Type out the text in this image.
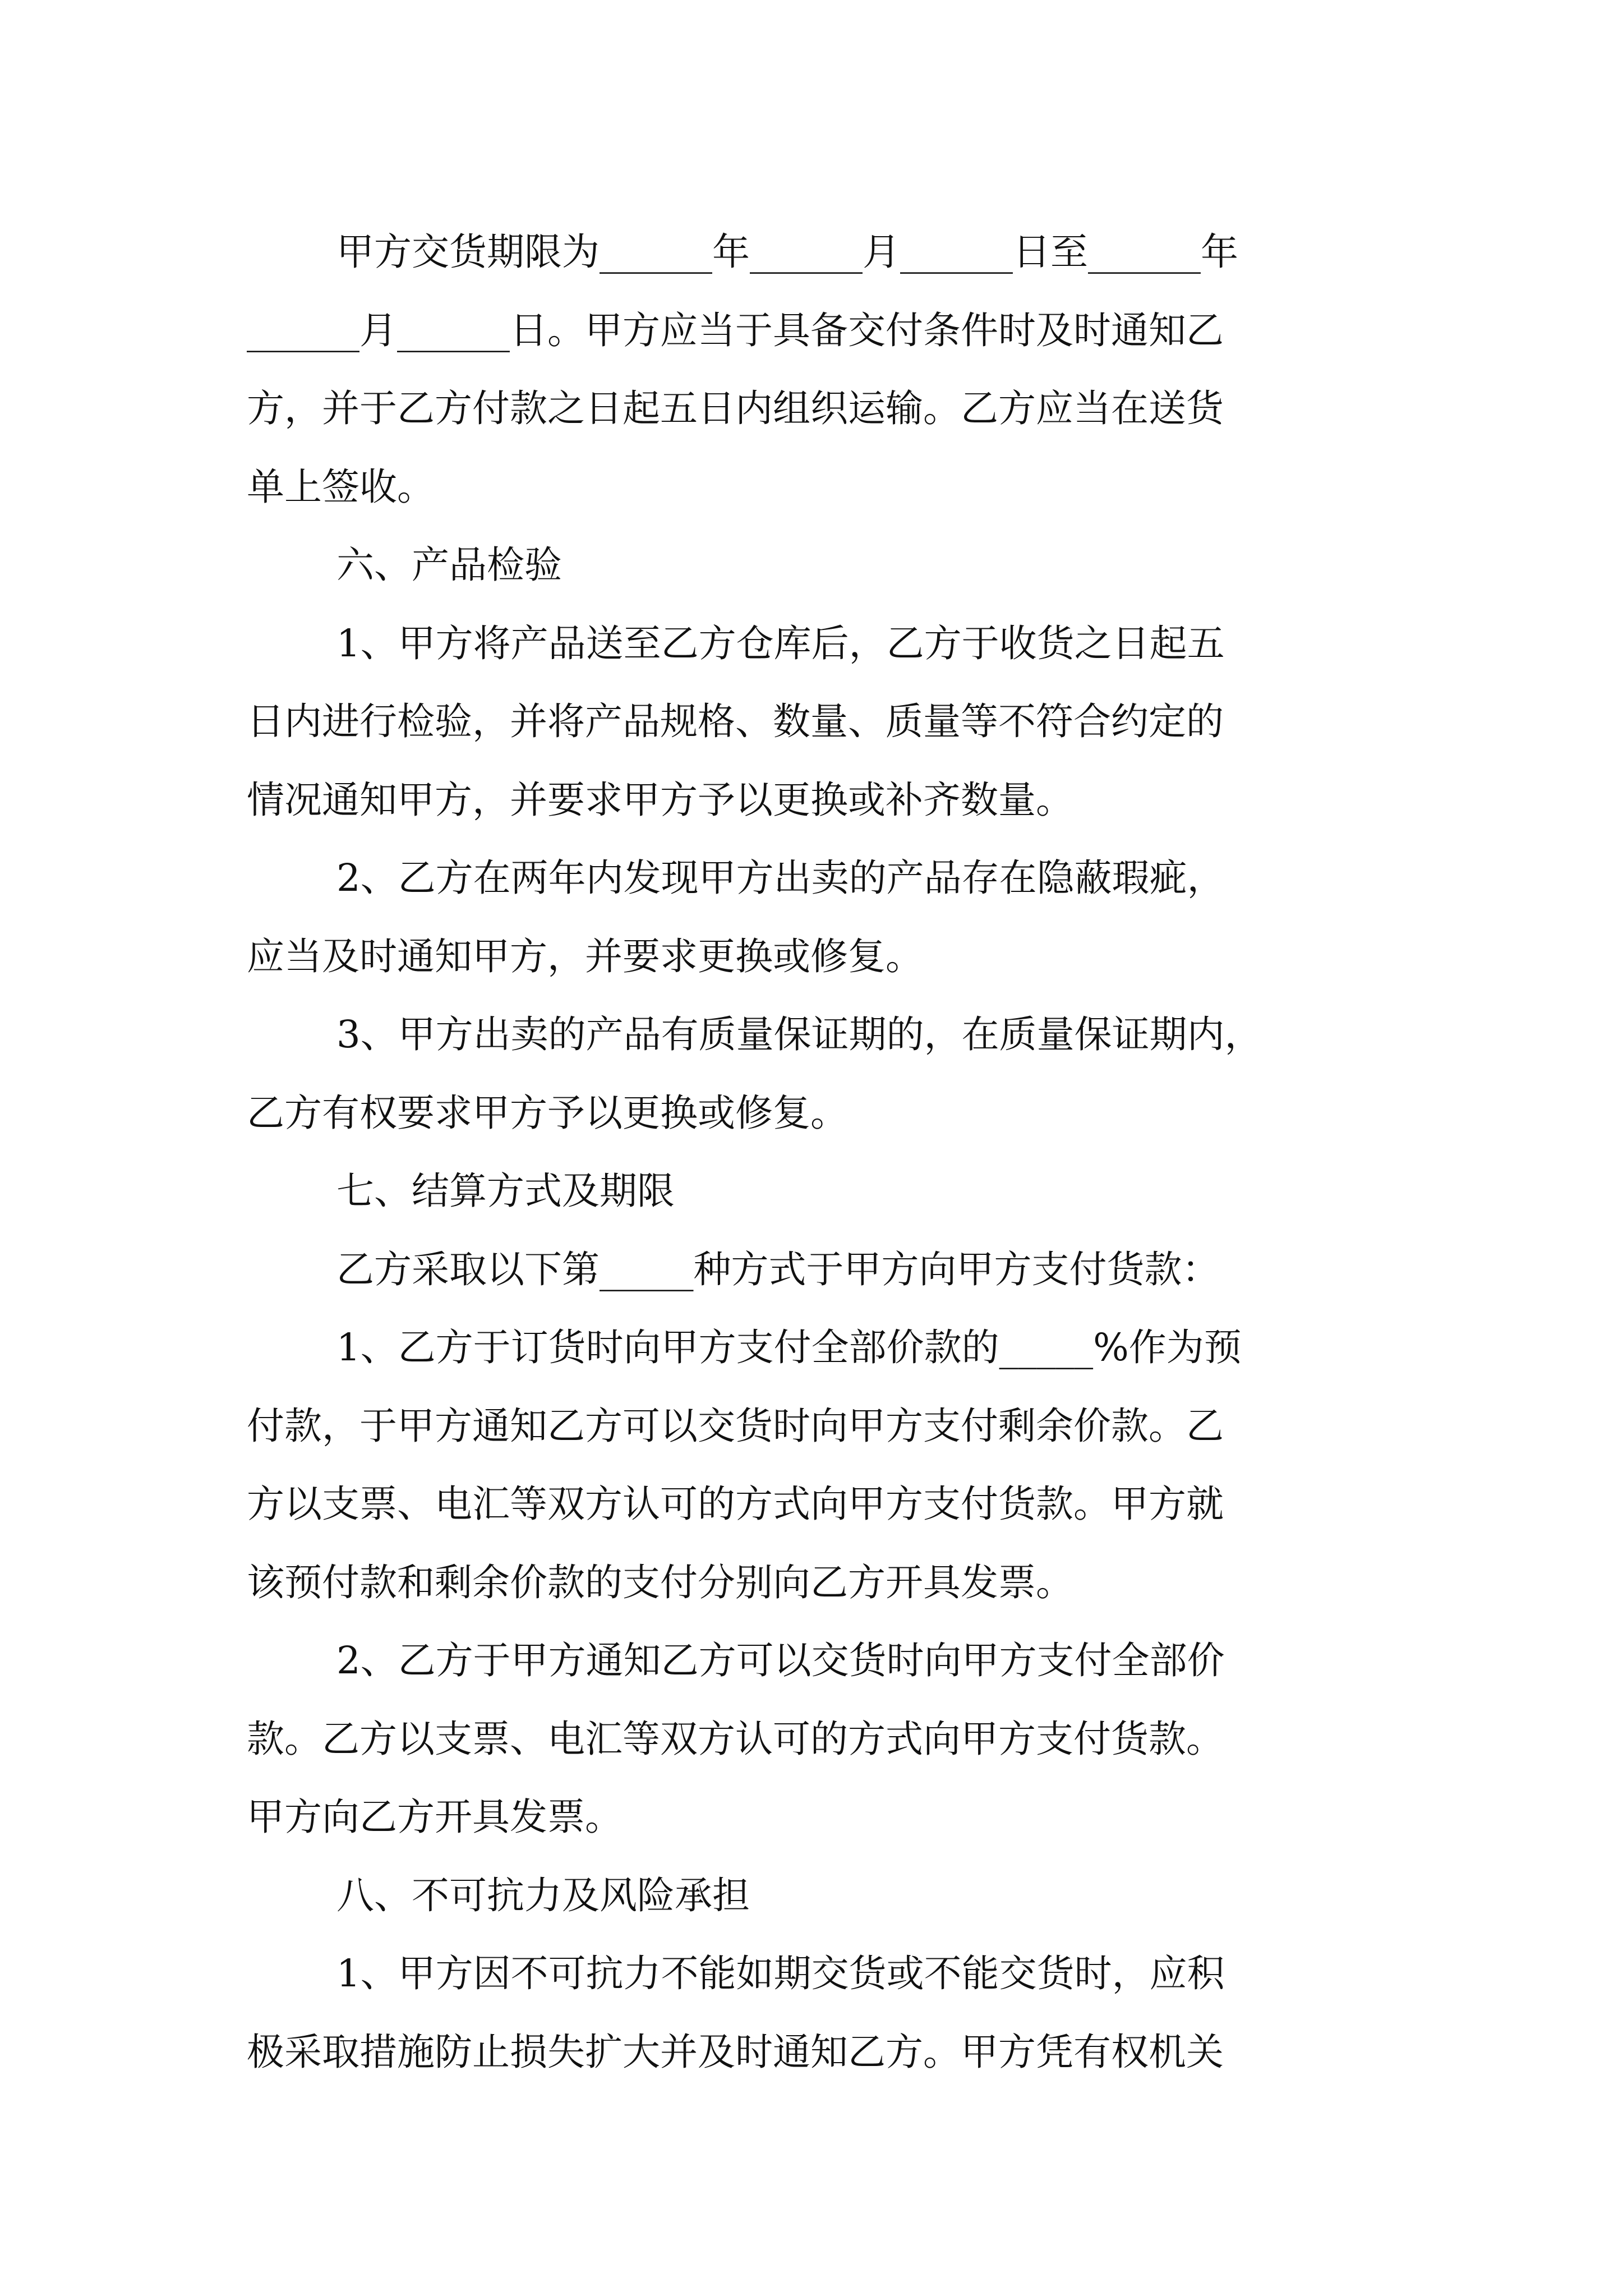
甲方交货期限为______年______月______日至______年
______月______日。甲方应当于具备交付条件时及时通知乙
方，并于乙方付款之日起五日内组织运输。乙方应当在送货
单上签收。
六、产品检验
1、甲方将产品送至乙方仓库后，乙方于收货之日起五
日内进行检验，并将产品规格、数量、质量等不符合约定的
情况通知甲方，并要求甲方予以更换或补齐数量。
2、乙方在两年内发现甲方出卖的产品存在隐蔽瑕疵，
应当及时通知甲方，并要求更换或修复。
3、甲方出卖的产品有质量保证期的，在质量保证期内，
乙方有权要求甲方予以更换或修复。
七、结算方式及期限
乙方采取以下第_____种方式于甲方向甲方支付货款：
1、乙方于订货时向甲方支付全部价款的_____%作为预
付款，于甲方通知乙方可以交货时向甲方支付剩余价款。乙
方以支票、电汇等双方认可的方式向甲方支付货款。甲方就
该预付款和剩余价款的支付分别向乙方开具发票。
2、乙方于甲方通知乙方可以交货时向甲方支付全部价
款。乙方以支票、电汇等双方认可的方式向甲方支付货款。
甲方向乙方开具发票。
八、不可抗力及风险承担
1、甲方因不可抗力不能如期交货或不能交货时，应积
极采取措施防止损失扩大并及时通知乙方。甲方凭有权机关
